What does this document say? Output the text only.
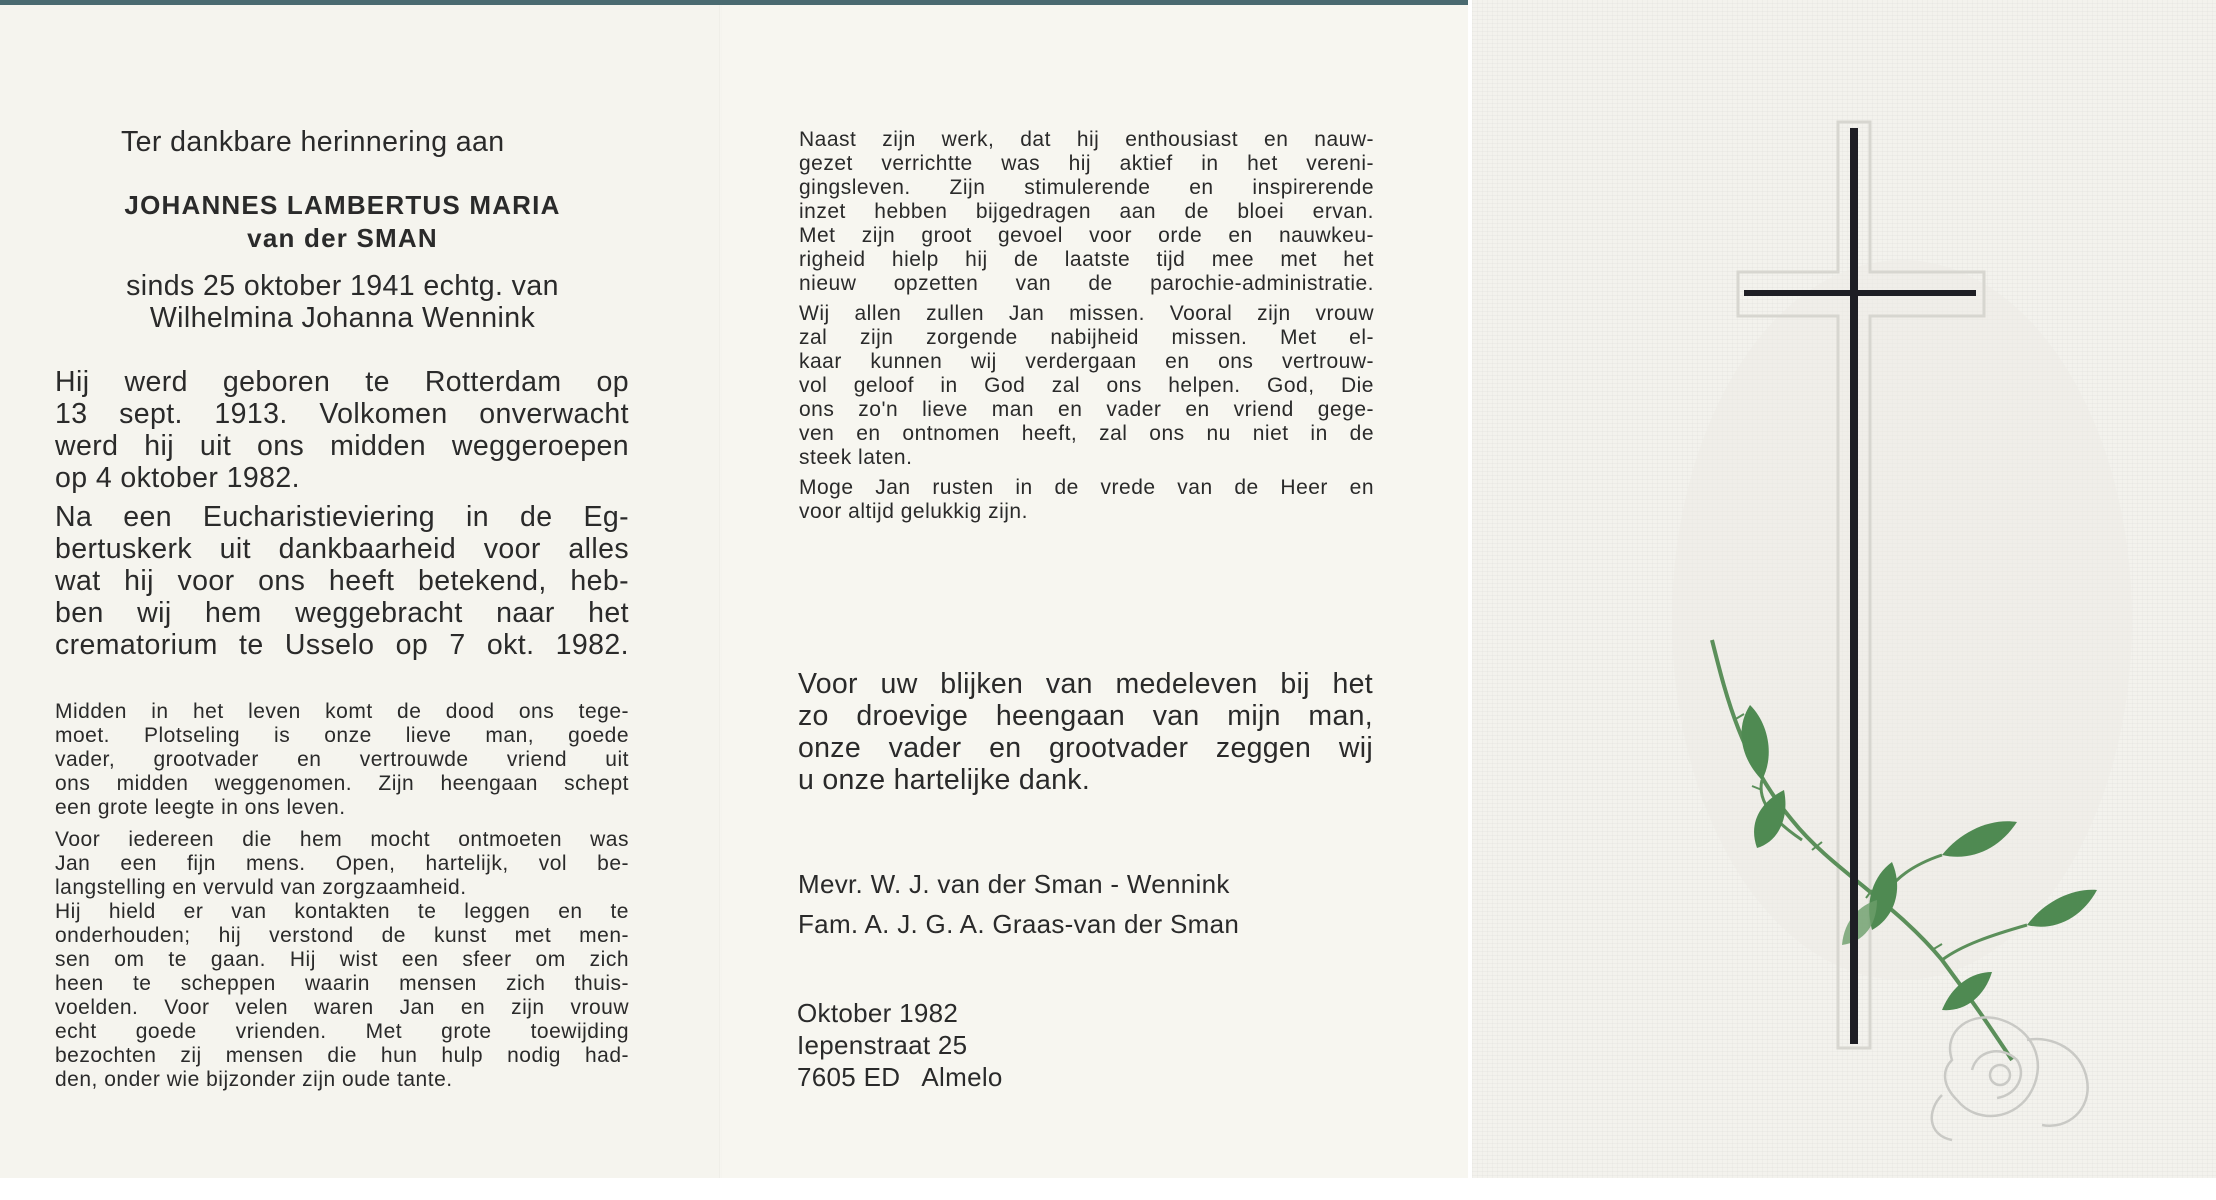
Ter dankbare herinnering aan

JOHANNES LAMBERTUS MARIA

van der SMAN

sinds 25 oktober 1941 echtg. van

Wilhelmina Johanna Wennink

Hij werd geboren te Rotterdam op
13 sept. 1913. Volkomen onverwacht
werd hij uit ons midden weggeroepen
op 4 oktober 1982.
Na een Eucharistieviering in de Eg-
bertuskerk uit dankbaarheid voor alles
wat hij voor ons heeft betekend, heb-
ben wij hem weggebracht naar het
crematorium te Usselo op 7 okt. 1982.
Midden in het leven komt de dood ons tege-
moet. Plotseling is onze lieve man, goede
vader, grootvader en vertrouwde vriend uit
ons midden weggenomen. Zijn heengaan schept
een grote leegte in ons leven.
Voor iedereen die hem mocht ontmoeten was
Jan een fijn mens. Open, hartelijk, vol be-
langstelling en vervuld van zorgzaamheid.
Hij hield er van kontakten te leggen en te
onderhouden; hij verstond de kunst met men-
sen om te gaan. Hij wist een sfeer om zich
heen te scheppen waarin mensen zich thuis-
voelden. Voor velen waren Jan en zijn vrouw
echt goede vrienden. Met grote toewijding
bezochten zij mensen die hun hulp nodig had-
den, onder wie bijzonder zijn oude tante.
Naast zijn werk, dat hij enthousiast en nauw-
gezet verrichtte was hij aktief in het vereni-
gingsleven. Zijn stimulerende en inspirerende
inzet hebben bijgedragen aan de bloei ervan.
Met zijn groot gevoel voor orde en nauwkeu-
righeid hielp hij de laatste tijd mee met het
nieuw opzetten van de parochie-administratie.
Wij allen zullen Jan missen. Vooral zijn vrouw
zal zijn zorgende nabijheid missen. Met el-
kaar kunnen wij verdergaan en ons vertrouw-
vol geloof in God zal ons helpen. God, Die
ons zo'n lieve man en vader en vriend gege-
ven en ontnomen heeft, zal ons nu niet in de
steek laten.
Moge Jan rusten in de vrede van de Heer en
voor altijd gelukkig zijn.
Voor uw blijken van medeleven bij het
zo droevige heengaan van mijn man,
onze vader en grootvader zeggen wij
u onze hartelijke dank.

Mevr. W. J. van der Sman - Wennink

Fam. A. J. G. A. Graas-van der Sman

Oktober 1982

Iepenstraat 25

7605 ED   Almelo
